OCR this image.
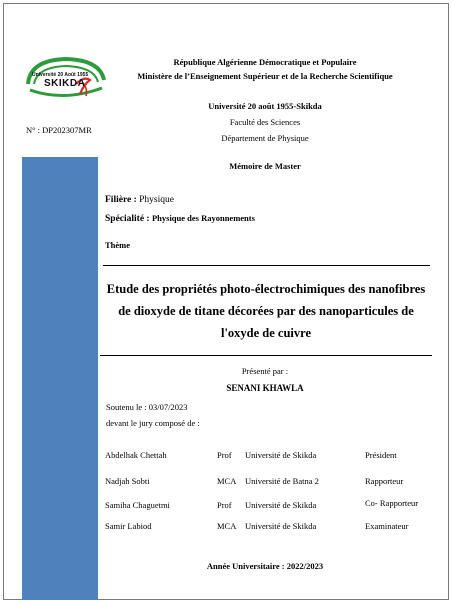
Université 20 Août 1955
SKIKDA
République Algérienne Démocratique et Populaire
Ministère de l’Enseignement Supérieur et de la Recherche Scientifique
Université 20 août 1955-Skikda
Faculté des Sciences
Département de Physique
N° : DP202307MR
Mémoire de Master
Filière : Physique
Spécialité : Physique des Rayonnements
Thème
Etude des propriétés photo-électrochimiques des nanofibres de dioxyde de titane décorées par des nanoparticules de l'oxyde de cuivre
Présenté par :
SENANI KHAWLA
Soutenu le : 03/07/2023
devant le jury composé de :
Abdelhak Chettah	Prof Université de Skikda	Président
Nadjah Sobti	MCA Université de Batna 2	Rapporteur
Samiha Chaguetmi	Prof Université de Skikda	Co- Rapporteur
Samir Labiod	MCA Université de Skikda	Examinateur
Année Universitaire : 2022/2023
